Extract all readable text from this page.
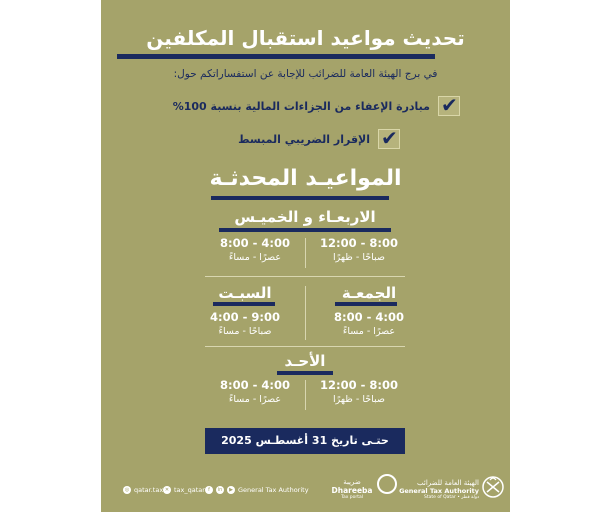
تحديث مواعيد استقبال المكلفين
في برج الهيئة العامة للضرائب للإجابة عن استفساراتكم حول:
✔
مبادرة الإعفاء من الجزاءات المالية بنسبة 100%
✔
الإقرار الضريبي المبسط
المواعيـد المحدثـة
الاربعـاء و الخميـس
8:00 - 4:00
عصرًا - مساءً
12:00 - 8:00
صباحًا - ظهرًا
السبـت
4:00 - 9:00
صباحًا - مساءً
الجمعـة
8:00 - 4:00
عصرًا - مساءً
الأحـد
8:00 - 4:00
عصرًا - مساءً
12:00 - 8:00
صباحًا - ظهرًا
حتـى تاريخ 31 أغسطـس 2025
◎ qatar.tax ✕ tax_qatar f	in	▶ General Tax Authority
ضريبة
Dhareeba
Tax portal
الهيئة العامة للضرائب
General Tax Authority
State of Qatar • دولة قطر
